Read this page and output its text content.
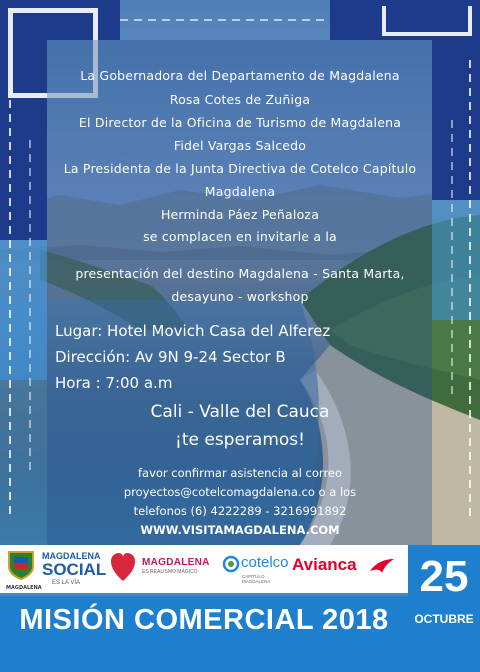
La Gobernadora del Departamento de Magdalena
Rosa Cotes de Zuñiga
El Director de la Oficina de Turismo de Magdalena
Fidel Vargas Salcedo
La Presidenta de la Junta Directiva de Cotelco Capítulo
Magdalena
Herminda Páez Peñaloza
se complacen en invitarle a la
presentación del destino Magdalena - Santa Marta,
desayuno - workshop
Lugar: Hotel Movich Casa del Alferez
Dirección: Av 9N 9-24 Sector B
Hora : 7:00 a.m
Cali - Valle del Cauca
¡te esperamos!
favor confirmar asistencia al correo
proyectos@cotelcomagdalena.co o a los
telefonos (6) 4222289 - 3216991892
WWW.VISITAMAGDALENA.COM
MAGDALENA
MAGDALENA
SOCIAL
ES LA VÍA
MAGDALENA
ES REALISMO MÁGICO
cotelco
CAPÍTULO MAGDALENA
Avianca
MISIÓN COMERCIAL 2018
25
OCTUBRE
